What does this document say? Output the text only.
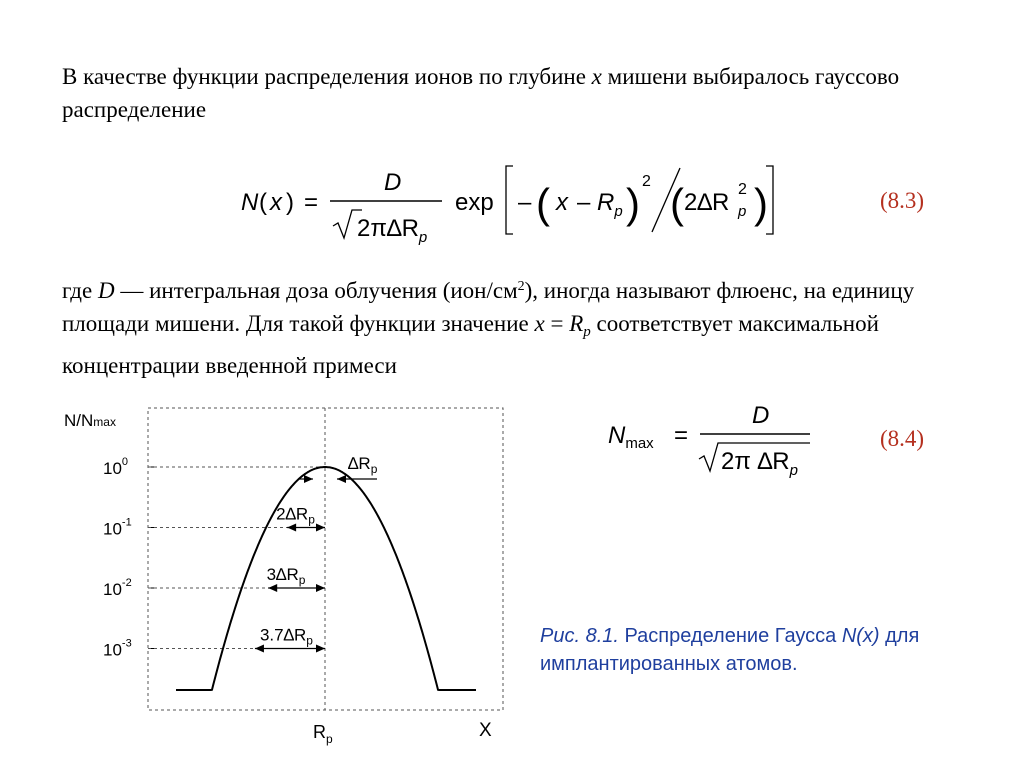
В качестве функции распределения ионов по глубине x мишени выбиралось гауссово распределение

N ( x ) =
D
$2\pi\Delta R_p$
exp – ( x – $R_p$ ) 2 ( 2∆R 2
p )	(8.3)

где D — интегральная доза облучения $(ион/см^2)$, иногда называют флюенс, на единицу площади мишени. Для такой функции значение $x = R_p$ соответствует максимальной концентрации введенной примеси

$N_{max}$ =
D
2π $\Delta R_p$
(8.4)
$10^0$
$10^{-1}$
$10^{-2}$
$10^{-3}$
$\Delta R_p$
$2\Delta R_p$
$3\Delta R_p$
$3.7\Delta R_p$
N/Nmax
$R_p$	X
Рис. 8.1. Распределение Гаусса N(x) для имплантированных атомов.
